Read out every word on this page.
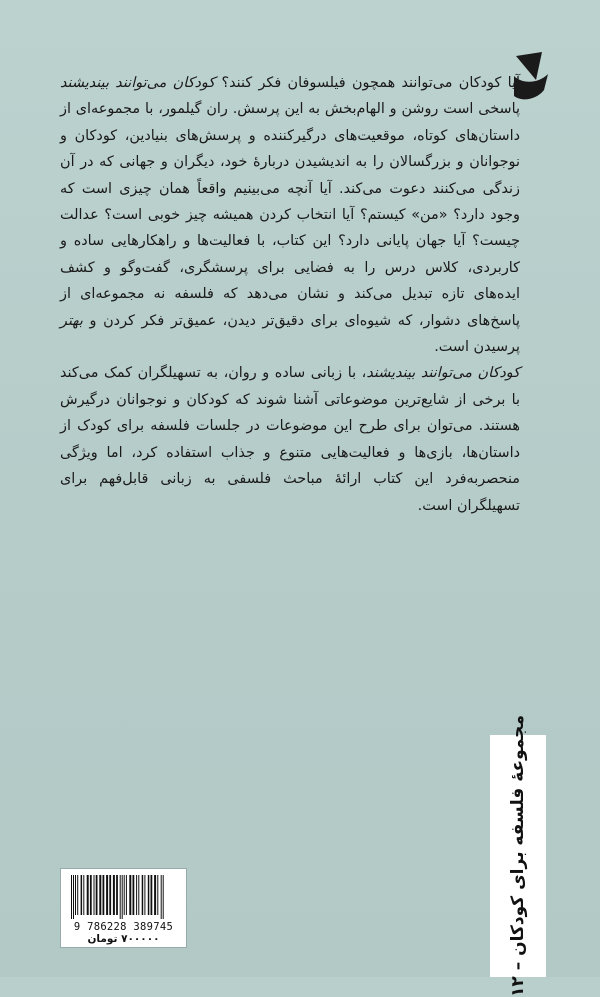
آیا کودکان می‌توانند همچون فیلسوفان فکر کنند؟ کودکان می‌توانند بیندیشند پاسخی است روشن و الهام‌بخش به این پرسش. ران گیلمور، با مجموعه‌ای از داستان‌های کوتاه، موقعیت‌های درگیرکننده و پرسش‌های بنیادین، کودکان و نوجوانان و بزرگسالان را به اندیشیدن دربارهٔ خود، دیگران و جهانی که در آن زندگی می‌کنند دعوت می‌کند. آیا آنچه می‌بینیم واقعاً همان چیزی است که وجود دارد؟ «من» کیستم؟ آیا انتخاب کردن همیشه چیز خوبی است؟ عدالت چیست؟ آیا جهان پایانی دارد؟ این کتاب، با فعالیت‌ها و راهکارهایی ساده و کاربردی، کلاس درس را به فضایی برای پرسشگری، گفت‌وگو و کشف ایده‌های تازه تبدیل می‌کند و نشان می‌دهد که فلسفه نه مجموعه‌ای از پاسخ‌های دشوار، که شیوه‌ای برای دقیق‌تر دیدن، عمیق‌تر فکر کردن و بهتر پرسیدن است.

کودکان می‌توانند بیندیشند، با زبانی ساده و روان، به تسهیلگران کمک می‌کند با برخی از شایع‌ترین موضوعاتی آشنا شوند که کودکان و نوجوانان درگیرش هستند. می‌توان برای طرح این موضوعات در جلسات فلسفه برای کودک از داستان‌ها، بازی‌ها و فعالیت‌هایی متنوع و جذاب استفاده کرد، اما ویژگی منحصربه‌فرد این کتاب ارائهٔ مباحث فلسفی به زبانی قابل‌فهم برای تسهیلگران است.

مجموعهٔ فلسفه برای کودکان – ۱۲
9 786228 389745
۷۰۰۰۰۰ تومان
